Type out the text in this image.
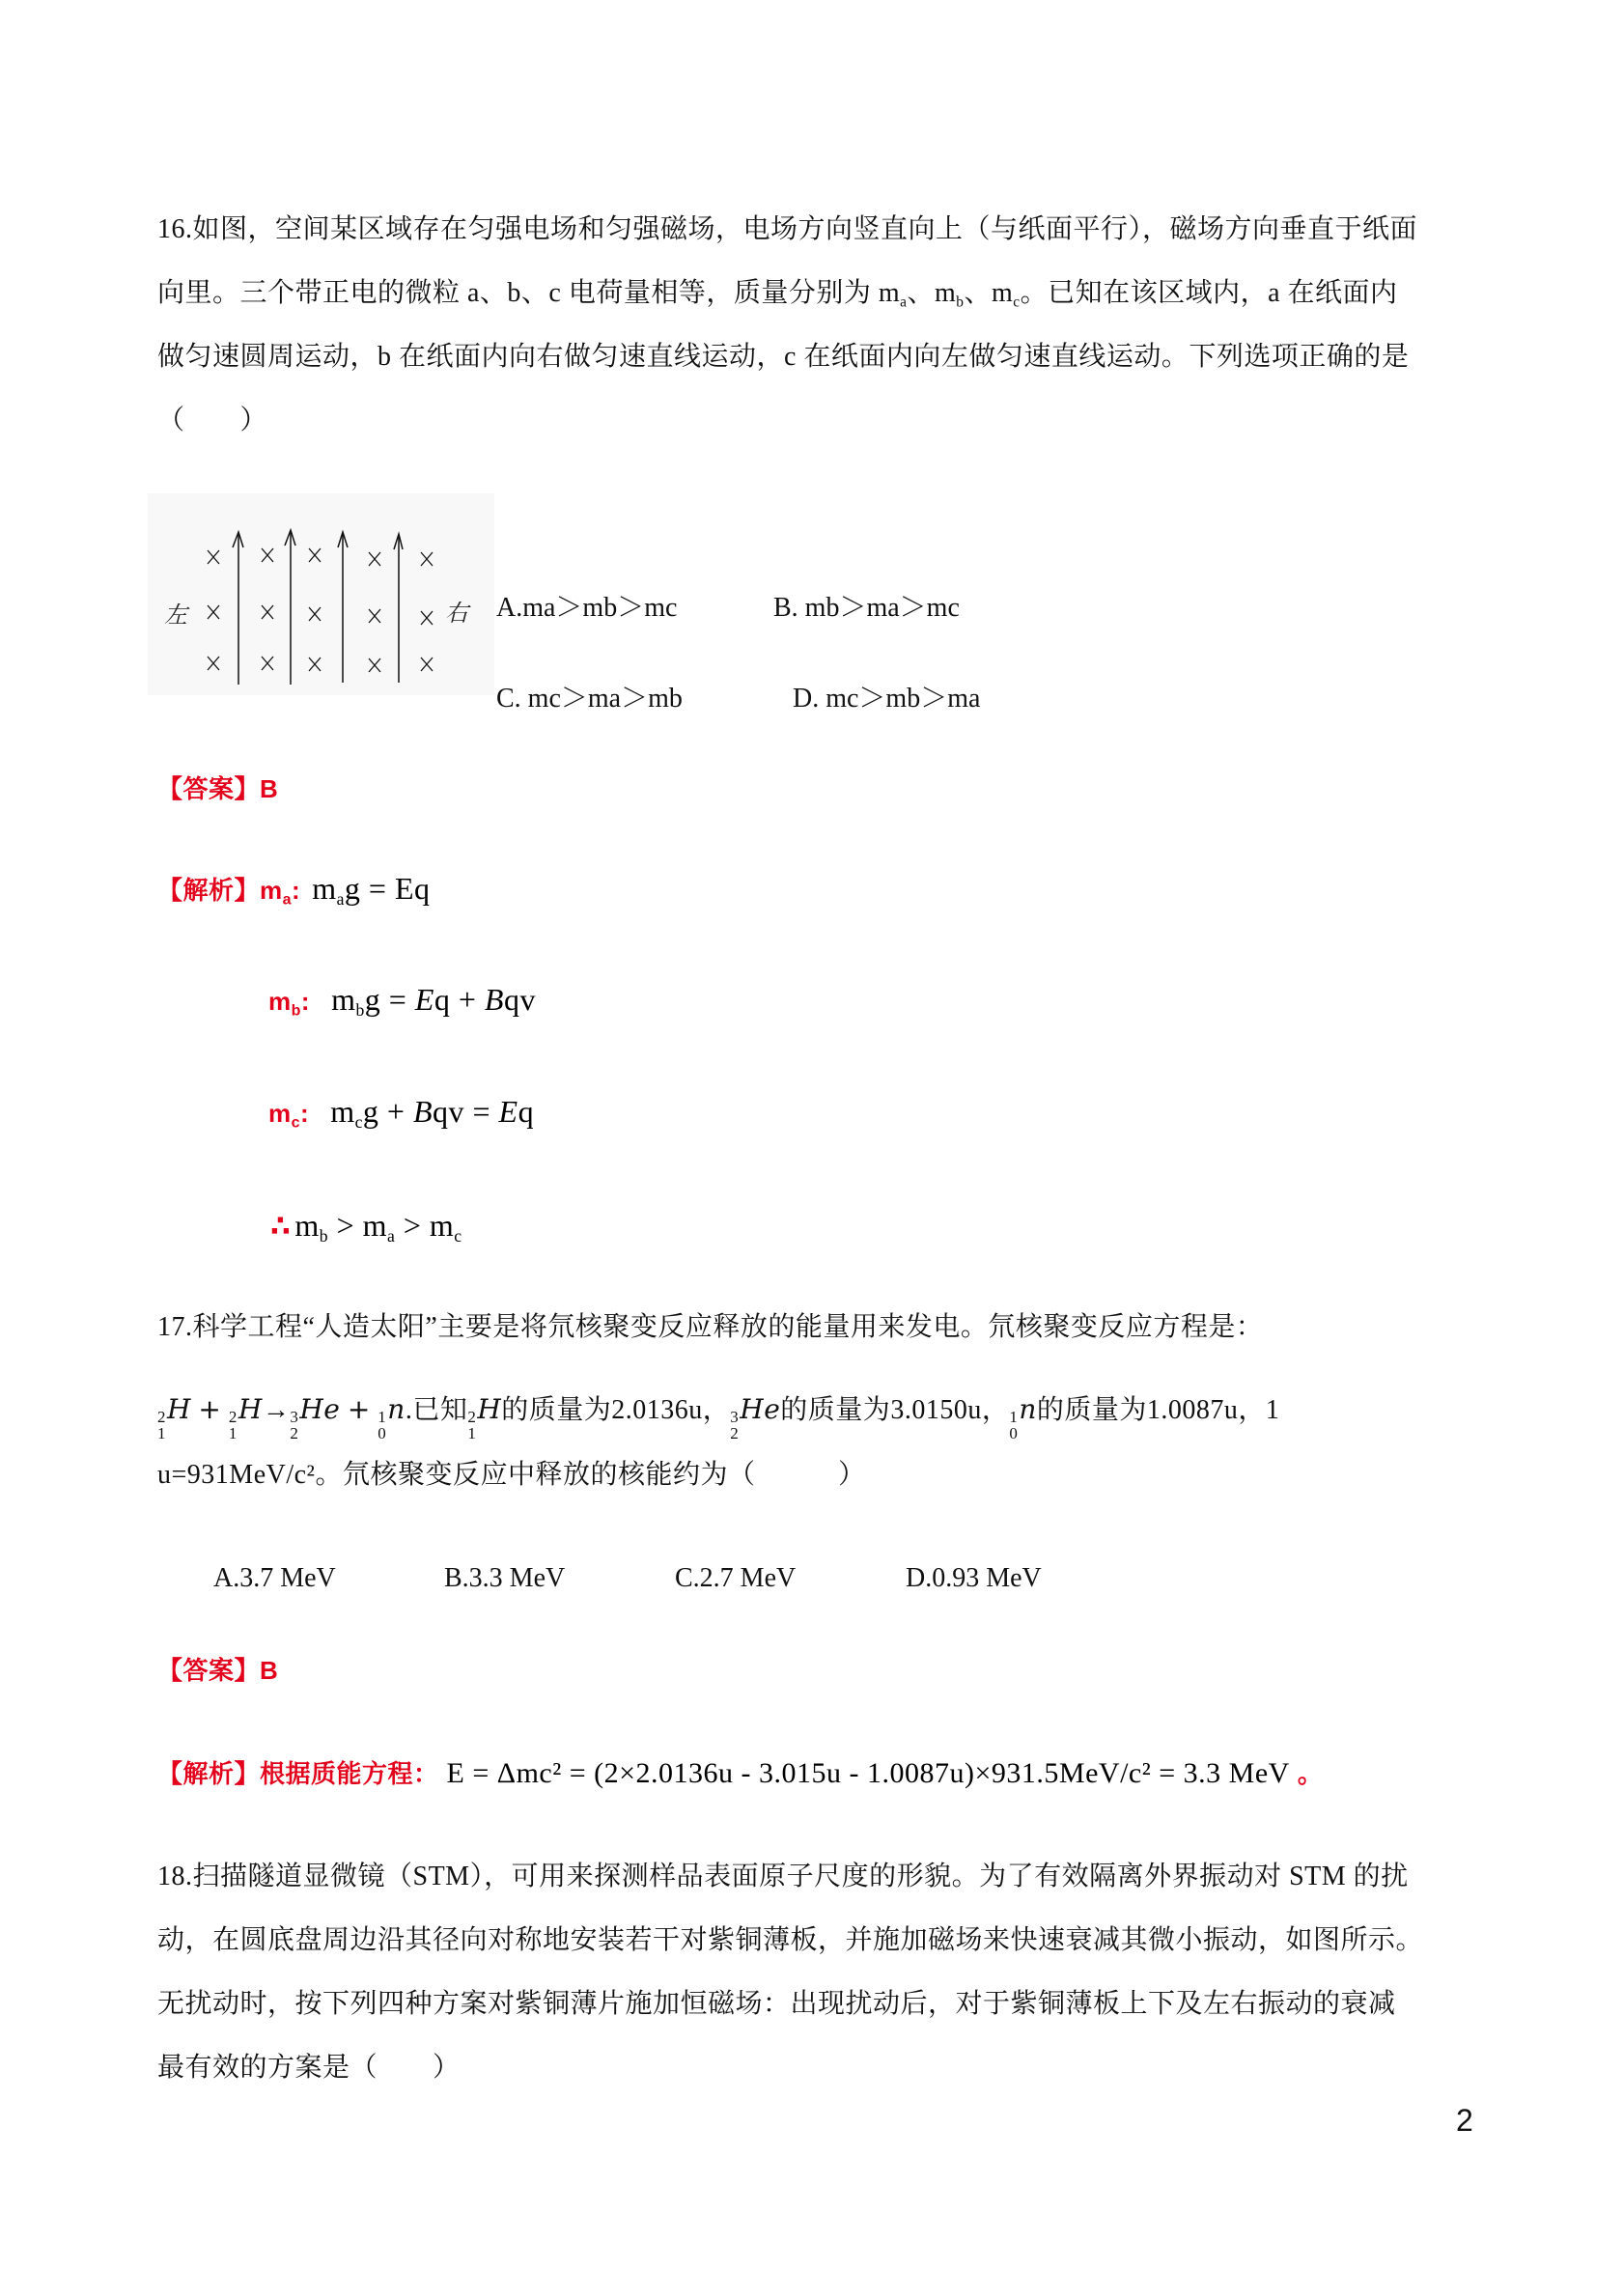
16.如图，空间某区域存在匀强电场和匀强磁场，电场方向竖直向上（与纸面平行），磁场方向垂直于纸面
向里。三个带正电的微粒 a、b、c 电荷量相等，质量分别为 $m_a$、$m_b$、$m_c$。已知在该区域内，a 在纸面内
做匀速圆周运动，b 在纸面内向右做匀速直线运动，c 在纸面内向左做匀速直线运动。下列选项正确的是
（　　）
左	右 A.ma＞mb＞mc	B. mb＞ma＞mc
C. mc＞ma＞mb	D. mc＞mb＞ma
【答案】B
【解析】$m_a$: $m_ag = Eq$
$m_b$: $m_bg = Eq$ + Bqv
$m_c$: $m_cg$ + Bqv = Eq
∴ $m_b > m_a > m_c$
17.科学工程“人造太阳”主要是将氘核聚变反应释放的能量用来发电。氘核聚变反应方程是：
2
1
H + 2
1
H→ 3
2
He + 1
0
n.已知 2
1
H的质量为2.0136u， 3
2
He的质量为3.0150u， 1
0
n的质量为1.0087u，1
u=931MeV/c²。氘核聚变反应中释放的核能约为（　　　）
A.3.7 MeV	B.3.3 MeV	C.2.7 MeV	D.0.93 MeV
【答案】B
【解析】根据质能方程： E = Δmc² = (2×2.0136u - 3.015u - 1.0087u)×931.5MeV/c² = 3.3 MeV 。
18.扫描隧道显微镜（STM），可用来探测样品表面原子尺度的形貌。为了有效隔离外界振动对 STM 的扰
动，在圆底盘周边沿其径向对称地安装若干对紫铜薄板，并施加磁场来快速衰减其微小振动，如图所示。
无扰动时，按下列四种方案对紫铜薄片施加恒磁场：出现扰动后，对于紫铜薄板上下及左右振动的衰减
最有效的方案是（　　）
2
